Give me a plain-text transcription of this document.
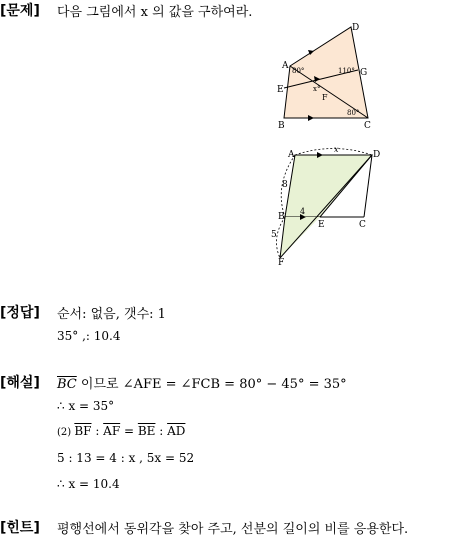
[문제] 다음 그림에서 x 의 값을 구하여라.
A
D
G
E
F
B	C
80°	110°
x°
80°
A	D
B
E	C
F
x
8
4
5
[정답] 순서: 없음, 갯수: 1
35° ,: 10.4
[해설] $\overline{BC}$ 이므로 ∠AFE = ∠FCB = 80° − 45° = 35°
∴ x = 35°
(2) $\overline{BF}$ : $\overline{AF} = \overline{BE}$ : $\overline{AD}$
5 : 13 = 4 : x , 5x = 52
∴ x = 10.4
[힌트] 평행선에서 동위각을 찾아 주고, 선분의 길이의 비를 응용한다.
